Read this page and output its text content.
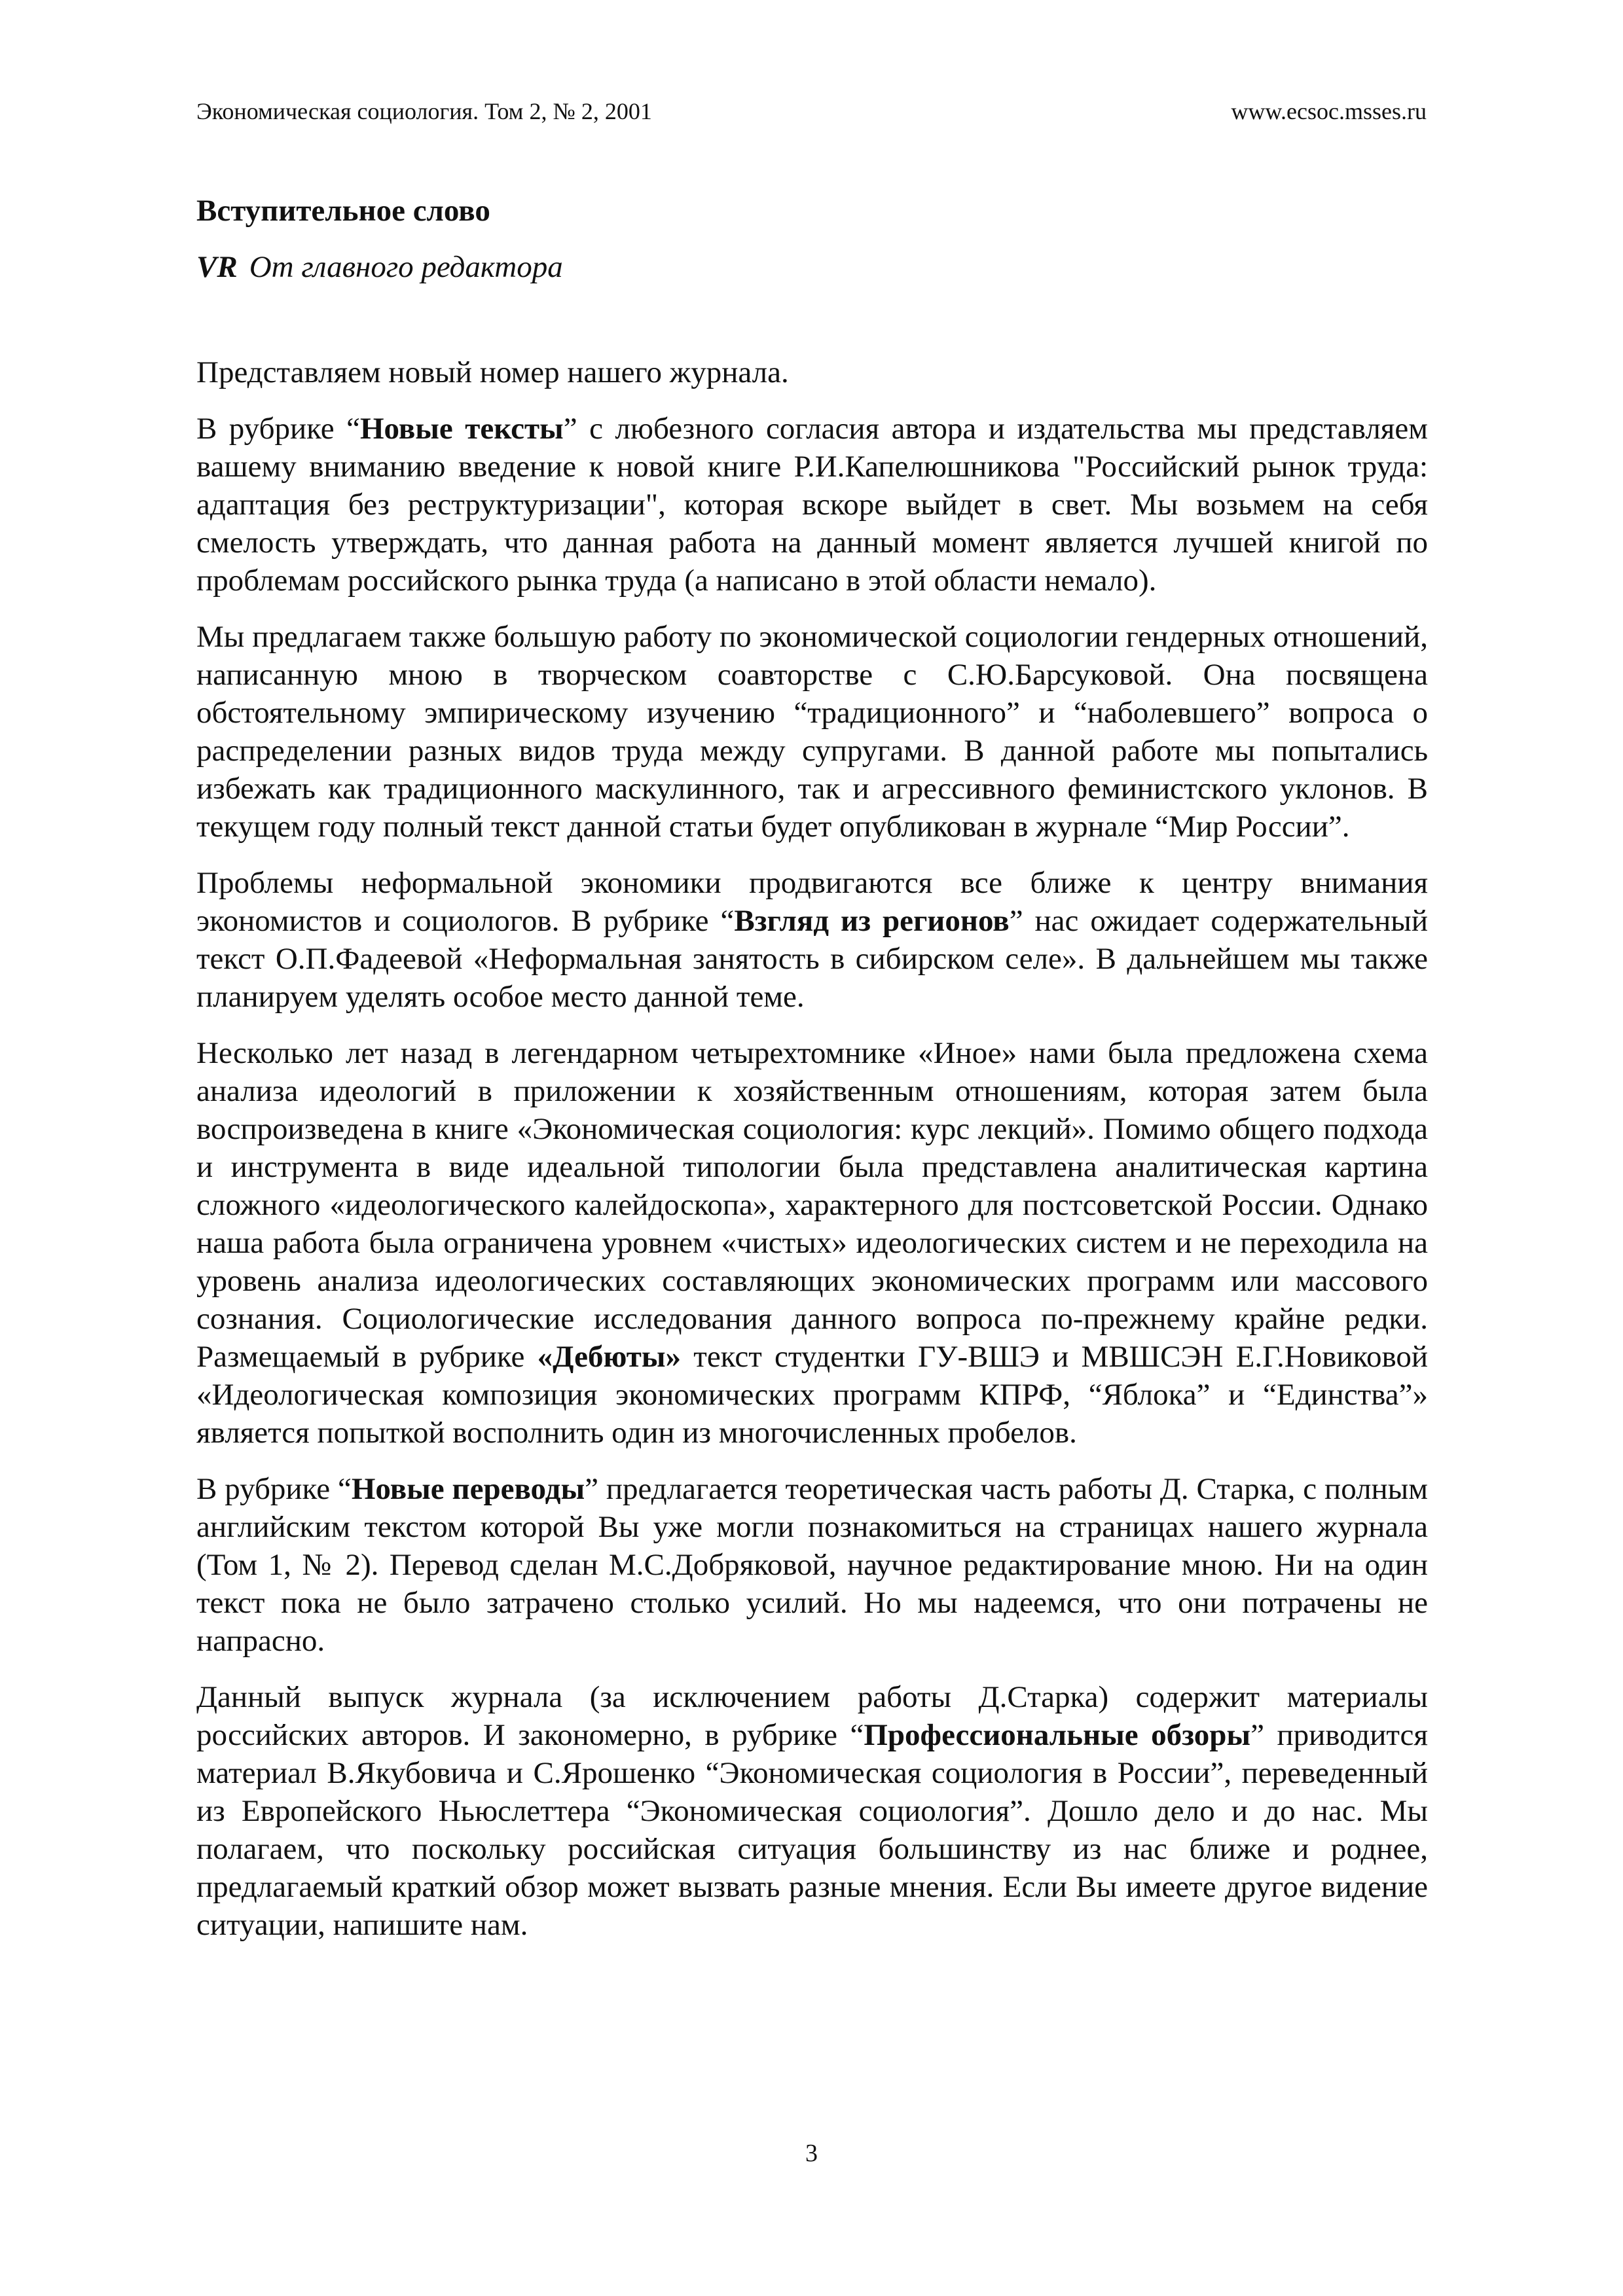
Экономическая социология. Том 2, № 2, 2001	www.ecsoc.msses.ru
Вступительное слово
VR От главного редактора

Представляем новый номер нашего журнала.

В рубрике “Новые тексты” с любезного согласия автора и издательства мы представляем вашему вниманию введение к новой книге Р.И.Капелюшникова "Российский рынок труда: адаптация без реструктуризации", которая вскоре выйдет в свет. Мы возьмем на себя смелость утверждать, что данная работа на данный момент является лучшей книгой по проблемам российского рынка труда (а написано в этой области немало).

Мы предлагаем также большую работу по экономической социологии гендерных отношений, написанную мною в творческом соавторстве с С.Ю.Барсуковой. Она посвящена обстоятельному эмпирическому изучению “традиционного” и “наболевшего” вопроса о распределении разных видов труда между супругами. В данной работе мы попытались избежать как традиционного маскулинного, так и агрессивного феминистского уклонов. В текущем году полный текст данной статьи будет опубликован в журнале “Мир России”.

Проблемы неформальной экономики продвигаются все ближе к центру внимания экономистов и социологов. В рубрике “Взгляд из регионов” нас ожидает содержательный текст О.П.Фадеевой «Неформальная занятость в сибирском селе». В дальнейшем мы также планируем уделять особое место данной теме.

Несколько лет назад в легендарном четырехтомнике «Иное» нами была предложена схема анализа идеологий в приложении к хозяйственным отношениям, которая затем была воспроизведена в книге «Экономическая социология: курс лекций». Помимо общего подхода и инструмента в виде идеальной типологии была представлена аналитическая картина сложного «идеологического калейдоскопа», характерного для постсоветской России. Однако наша работа была ограничена уровнем «чистых» идеологических систем и не переходила на уровень анализа идеологических составляющих экономических программ или массового сознания. Социологические исследования данного вопроса по-прежнему крайне редки. Размещаемый в рубрике «Дебюты» текст студентки ГУ-ВШЭ и МВШСЭН Е.Г.Новиковой «Идеологическая композиция экономических программ КПРФ, “Яблока” и “Единства”» является попыткой восполнить один из многочисленных пробелов.

В рубрике “Новые переводы” предлагается теоретическая часть работы Д. Старка, с полным английским текстом которой Вы уже могли познакомиться на страницах нашего журнала (Том 1, № 2). Перевод сделан М.С.Добряковой, научное редактирование мною. Ни на один текст пока не было затрачено столько усилий. Но мы надеемся, что они потрачены не напрасно.

Данный выпуск журнала (за исключением работы Д.Старка) содержит материалы российских авторов. И закономерно, в рубрике “Профессиональные обзоры” приводится материал В.Якубовича и С.Ярошенко “Экономическая социология в России”, переведенный из Европейского Ньюслеттера “Экономическая социология”. Дошло дело и до нас. Мы полагаем, что поскольку российская ситуация большинству из нас ближе и роднее, предлагаемый краткий обзор может вызвать разные мнения. Если Вы имеете другое видение ситуации, напишите нам.

3
